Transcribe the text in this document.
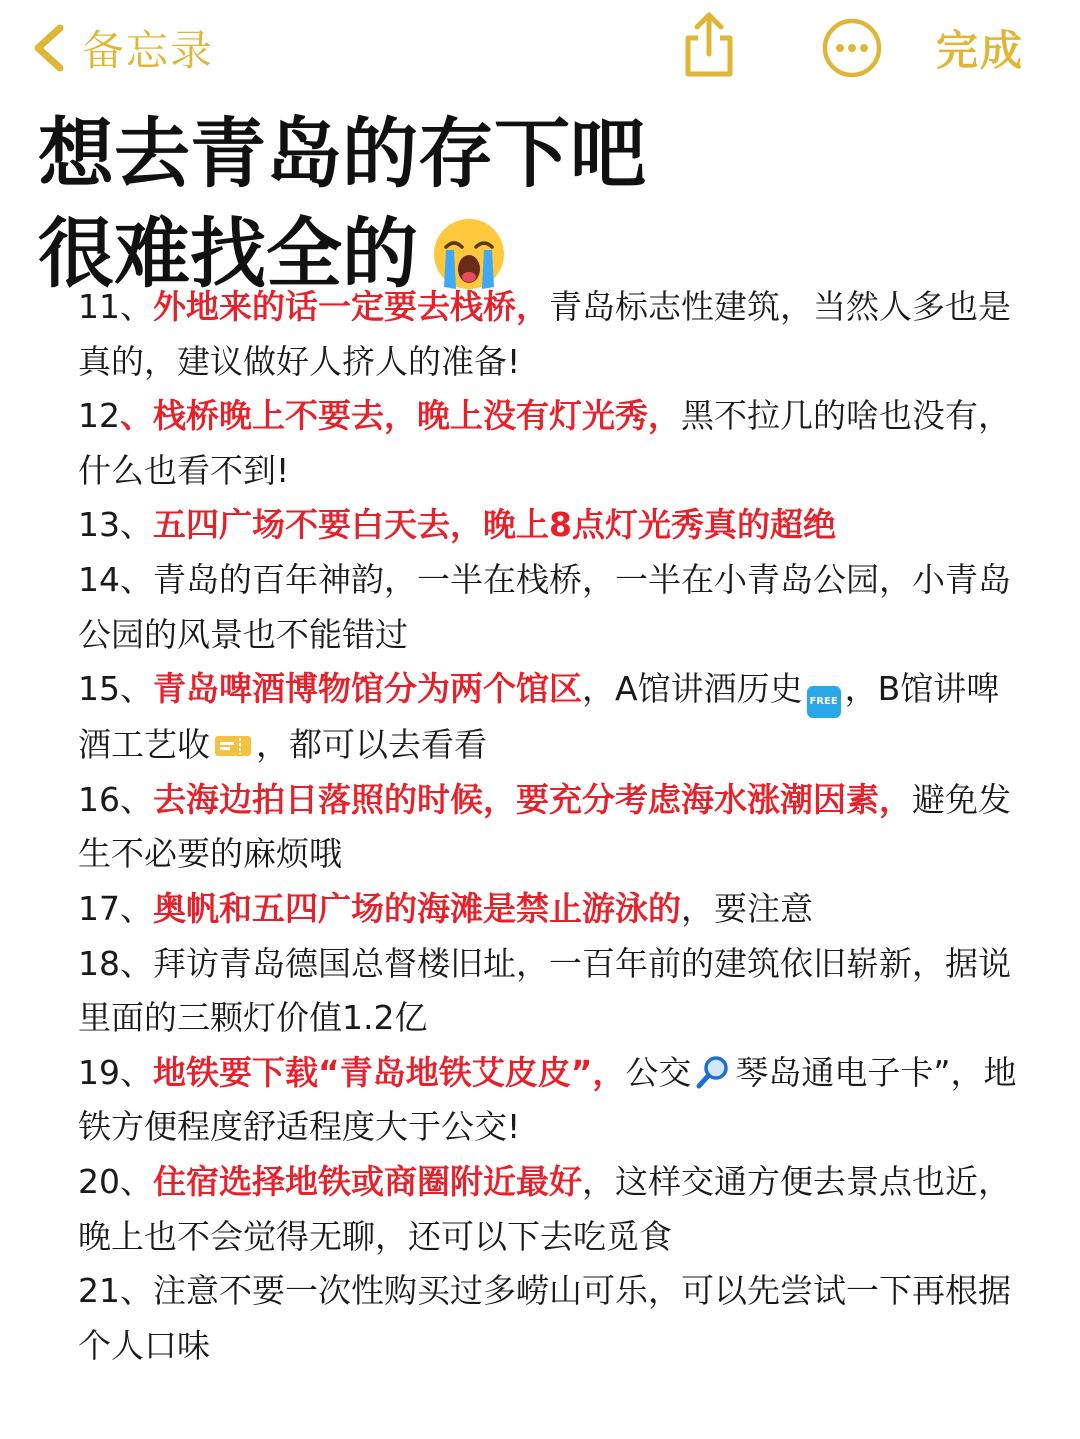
备忘录	完成
想去青岛的存下吧
很难找全的

11、外地来的话一定要去栈桥，青岛标志性建筑，当然人多也是真的，建议做好人挤人的准备!

12、栈桥晚上不要去，晚上没有灯光秀，黑不拉几的啥也没有，什么也看不到!

13、五四广场不要白天去，晚上8点灯光秀真的超绝

14、青岛的百年神韵，一半在栈桥，一半在小青岛公园，小青岛公园的风景也不能错过

15、青岛啤酒博物馆分为两个馆区，A馆讲酒历史 FREE ，B馆讲啤酒工艺收 ，都可以去看看

16、去海边拍日落照的时候，要充分考虑海水涨潮因素，避免发生不必要的麻烦哦

17、奥帆和五四广场的海滩是禁止游泳的，要注意

18、拜访青岛德国总督楼旧址，一百年前的建筑依旧崭新，据说里面的三颗灯价值1.2亿

19、地铁要下载“青岛地铁艾皮皮”，公交 琴岛通电子卡”，地铁方便程度舒适程度大于公交!

20、住宿选择地铁或商圈附近最好，这样交通方便去景点也近，晚上也不会觉得无聊，还可以下去吃觅食

21、注意不要一次性购买过多崂山可乐，可以先尝试一下再根据个人口味
